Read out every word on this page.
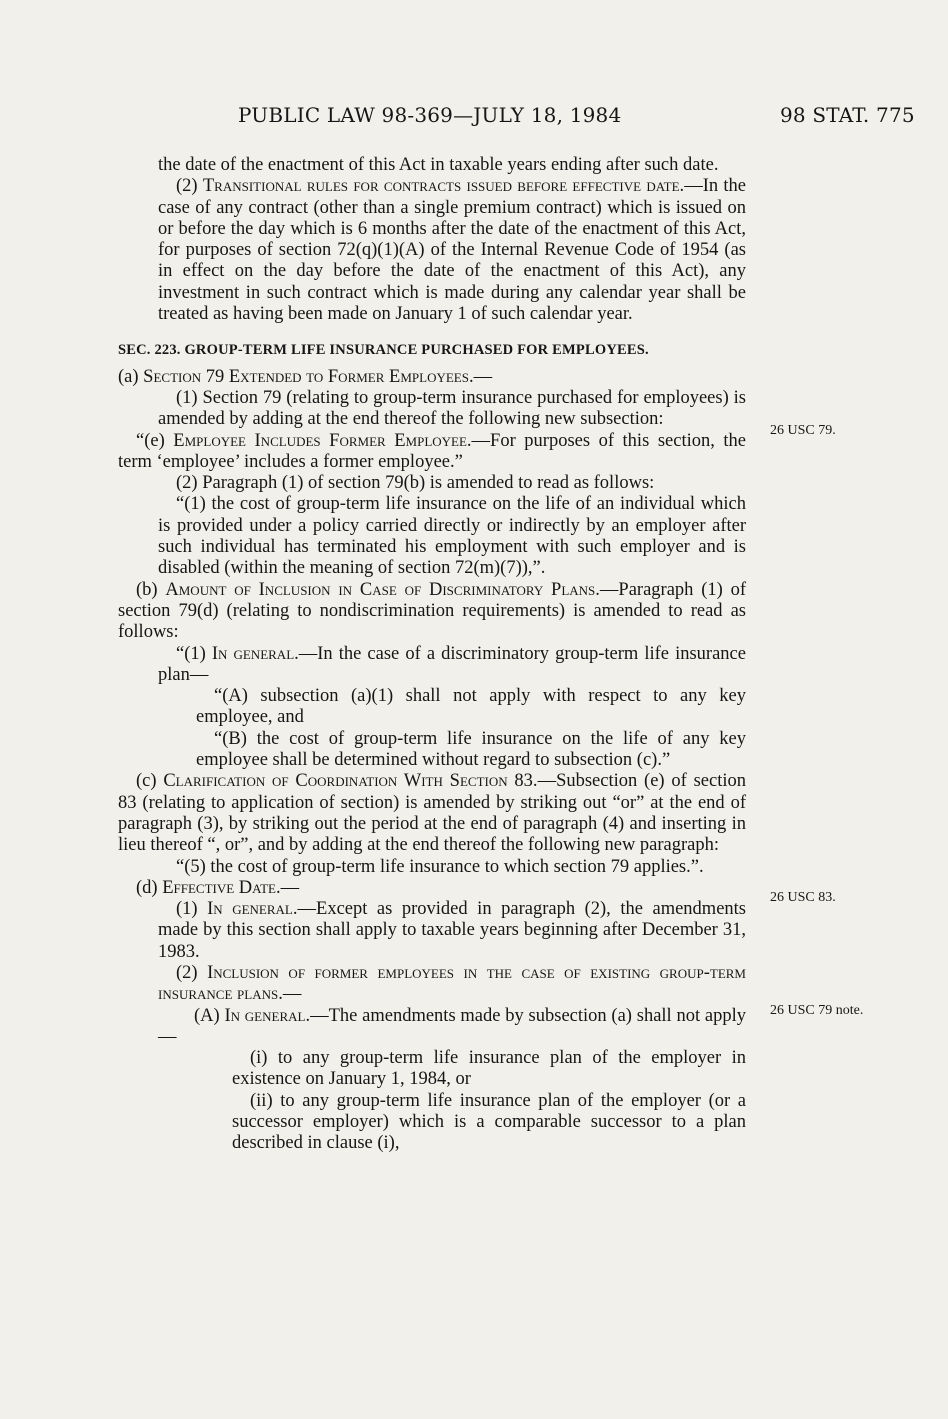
PUBLIC LAW 98-369—JULY 18, 1984	98 STAT. 775

the date of the enactment of this Act in taxable years ending after such date.

(2) Transitional rules for contracts issued before effective date.—In the case of any contract (other than a single premium contract) which is issued on or before the day which is 6 months after the date of the enactment of this Act, for purposes of section 72(q)(1)(A) of the Internal Revenue Code of 1954 (as in effect on the day before the date of the enactment of this Act), any investment in such contract which is made during any calendar year shall be treated as having been made on January 1 of such calendar year.

SEC. 223. GROUP-TERM LIFE INSURANCE PURCHASED FOR EMPLOYEES.

(a) Section 79 Extended to Former Employees.—

(1) Section 79 (relating to group-term insurance purchased for employees) is amended by adding at the end thereof the following new subsection:

“(e) Employee Includes Former Employee.—For purposes of this section, the term ‘employee’ includes a former employee.”

(2) Paragraph (1) of section 79(b) is amended to read as follows:

“(1) the cost of group-term life insurance on the life of an individual which is provided under a policy carried directly or indirectly by an employer after such individual has terminated his employment with such employer and is disabled (within the meaning of section 72(m)(7)),”.

(b) Amount of Inclusion in Case of Discriminatory Plans.—Paragraph (1) of section 79(d) (relating to nondiscrimination requirements) is amended to read as follows:

“(1) In general.—In the case of a discriminatory group-term life insurance plan—

“(A) subsection (a)(1) shall not apply with respect to any key employee, and

“(B) the cost of group-term life insurance on the life of any key employee shall be determined without regard to subsection (c).”

(c) Clarification of Coordination With Section 83.—Subsection (e) of section 83 (relating to application of section) is amended by striking out “or” at the end of paragraph (3), by striking out the period at the end of paragraph (4) and inserting in lieu thereof “, or”, and by adding at the end thereof the following new paragraph:

“(5) the cost of group-term life insurance to which section 79 applies.”.

(d) Effective Date.—

(1) In general.—Except as provided in paragraph (2), the amendments made by this section shall apply to taxable years beginning after December 31, 1983.

(2) Inclusion of former employees in the case of existing group-term insurance plans.—

(A) In general.—The amendments made by subsection (a) shall not apply—

(i) to any group-term life insurance plan of the employer in existence on January 1, 1984, or

(ii) to any group-term life insurance plan of the employer (or a successor employer) which is a comparable successor to a plan described in clause (i),

26 USC 79.
26 USC 83.
26 USC 79 note.
